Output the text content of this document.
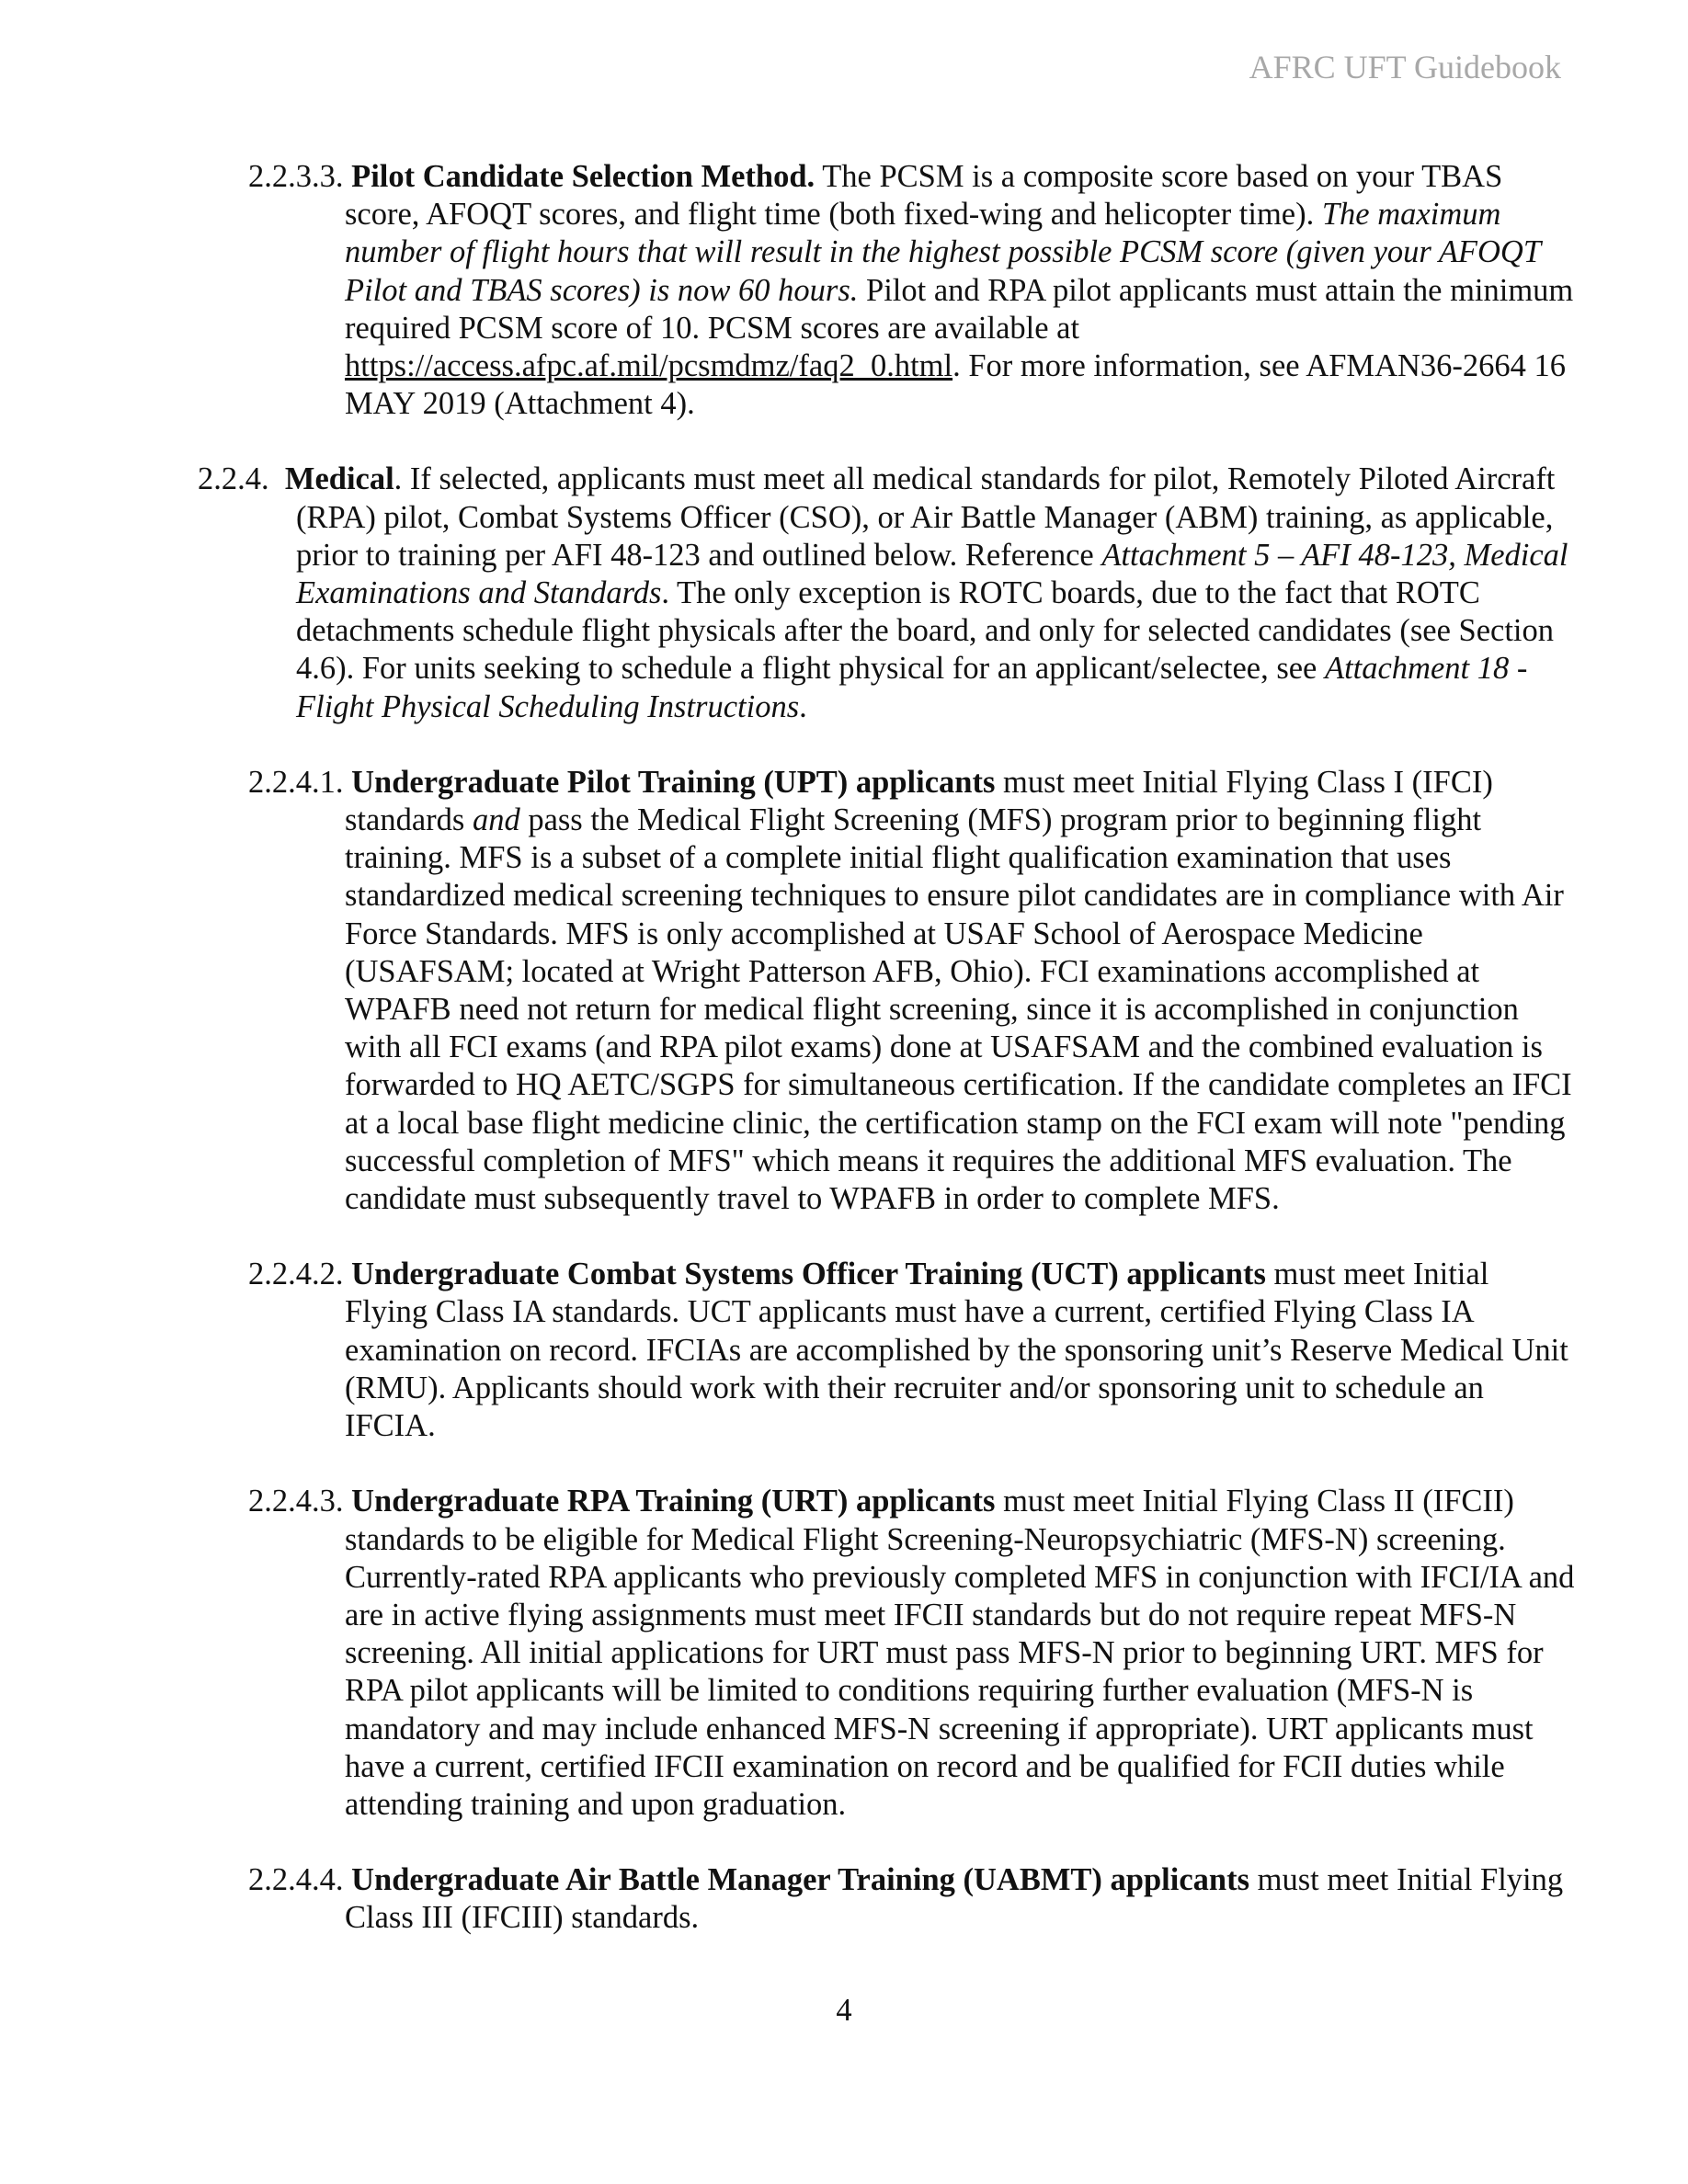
AFRC UFT Guidebook

2.2.3.3. Pilot Candidate Selection Method. The PCSM is a composite score based on your TBAS score, AFOQT scores, and flight time (both fixed-wing and helicopter time). The maximum number of flight hours that will result in the highest possible PCSM score (given your AFOQT Pilot and TBAS scores) is now 60 hours. Pilot and RPA pilot applicants must attain the minimum required PCSM score of 10. PCSM scores are available at https://access.afpc.af.mil/pcsmdmz/faq2_0.html. For more information, see AFMAN36-2664 16 MAY 2019 (Attachment 4).

2.2.4. Medical. If selected, applicants must meet all medical standards for pilot, Remotely Piloted Aircraft (RPA) pilot, Combat Systems Officer (CSO), or Air Battle Manager (ABM) training, as applicable, prior to training per AFI 48-123 and outlined below. Reference Attachment 5 – AFI 48-123, Medical Examinations and Standards. The only exception is ROTC boards, due to the fact that ROTC detachments schedule flight physicals after the board, and only for selected candidates (see Section 4.6). For units seeking to schedule a flight physical for an applicant/selectee, see Attachment 18 - Flight Physical Scheduling Instructions.

2.2.4.1. Undergraduate Pilot Training (UPT) applicants must meet Initial Flying Class I (IFCI) standards and pass the Medical Flight Screening (MFS) program prior to beginning flight training. MFS is a subset of a complete initial flight qualification examination that uses standardized medical screening techniques to ensure pilot candidates are in compliance with Air Force Standards. MFS is only accomplished at USAF School of Aerospace Medicine (USAFSAM; located at Wright Patterson AFB, Ohio). FCI examinations accomplished at WPAFB need not return for medical flight screening, since it is accomplished in conjunction with all FCI exams (and RPA pilot exams) done at USAFSAM and the combined evaluation is forwarded to HQ AETC/SGPS for simultaneous certification. If the candidate completes an IFCI at a local base flight medicine clinic, the certification stamp on the FCI exam will note "pending successful completion of MFS" which means it requires the additional MFS evaluation. The candidate must subsequently travel to WPAFB in order to complete MFS.

2.2.4.2. Undergraduate Combat Systems Officer Training (UCT) applicants must meet Initial Flying Class IA standards. UCT applicants must have a current, certified Flying Class IA examination on record. IFCIAs are accomplished by the sponsoring unit’s Reserve Medical Unit (RMU). Applicants should work with their recruiter and/or sponsoring unit to schedule an IFCIA.

2.2.4.3. Undergraduate RPA Training (URT) applicants must meet Initial Flying Class II (IFCII) standards to be eligible for Medical Flight Screening-Neuropsychiatric (MFS-N) screening. Currently-rated RPA applicants who previously completed MFS in conjunction with IFCI/IA and are in active flying assignments must meet IFCII standards but do not require repeat MFS-N screening. All initial applications for URT must pass MFS-N prior to beginning URT. MFS for RPA pilot applicants will be limited to conditions requiring further evaluation (MFS-N is mandatory and may include enhanced MFS-N screening if appropriate). URT applicants must have a current, certified IFCII examination on record and be qualified for FCII duties while attending training and upon graduation.

2.2.4.4. Undergraduate Air Battle Manager Training (UABMT) applicants must meet Initial Flying Class III (IFCIII) standards.

4
